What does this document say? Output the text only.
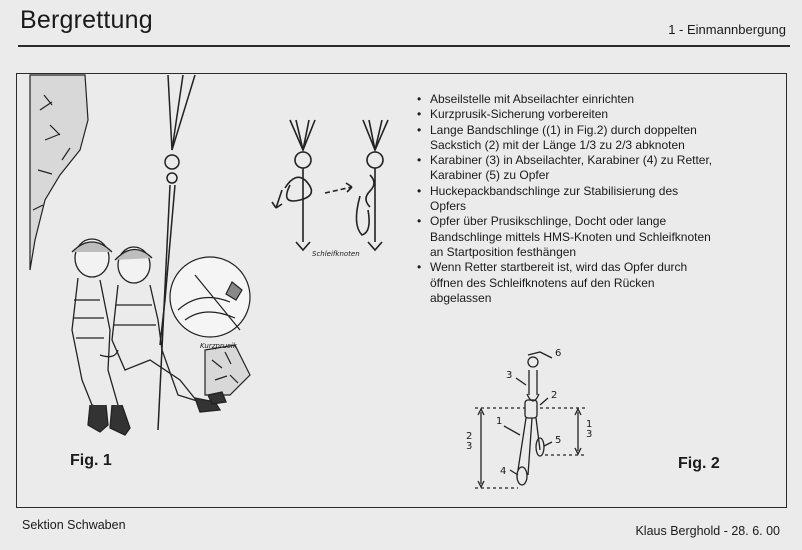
Bergrettung	1 - Einmannbergung
6
3
2
1
5
4
2
3
1
3
Schleifknoten
Kurzprusik
• Abseilstelle mit Abseilachter einrichten
• Kurzprusik-Sicherung vorbereiten
• Lange Bandschlinge ((1) in Fig.2) durch doppelten Sackstich (2) mit der Länge 1/3 zu 2/3 abknoten
• Karabiner (3) in Abseilachter, Karabiner (4) zu Retter, Karabiner (5) zu Opfer
• Huckepackbandschlinge zur Stabilisierung des Opfers
• Opfer über Prusikschlinge, Docht oder lange Bandschlinge mittels HMS-Knoten und Schleifknoten an Startposition festhängen
• Wenn Retter startbereit ist, wird das Opfer durch öffnen des Schleifknotens auf den Rücken abgelassen
Fig. 1	Fig. 2
Sektion Schwaben	Klaus Berghold - 28. 6. 00
